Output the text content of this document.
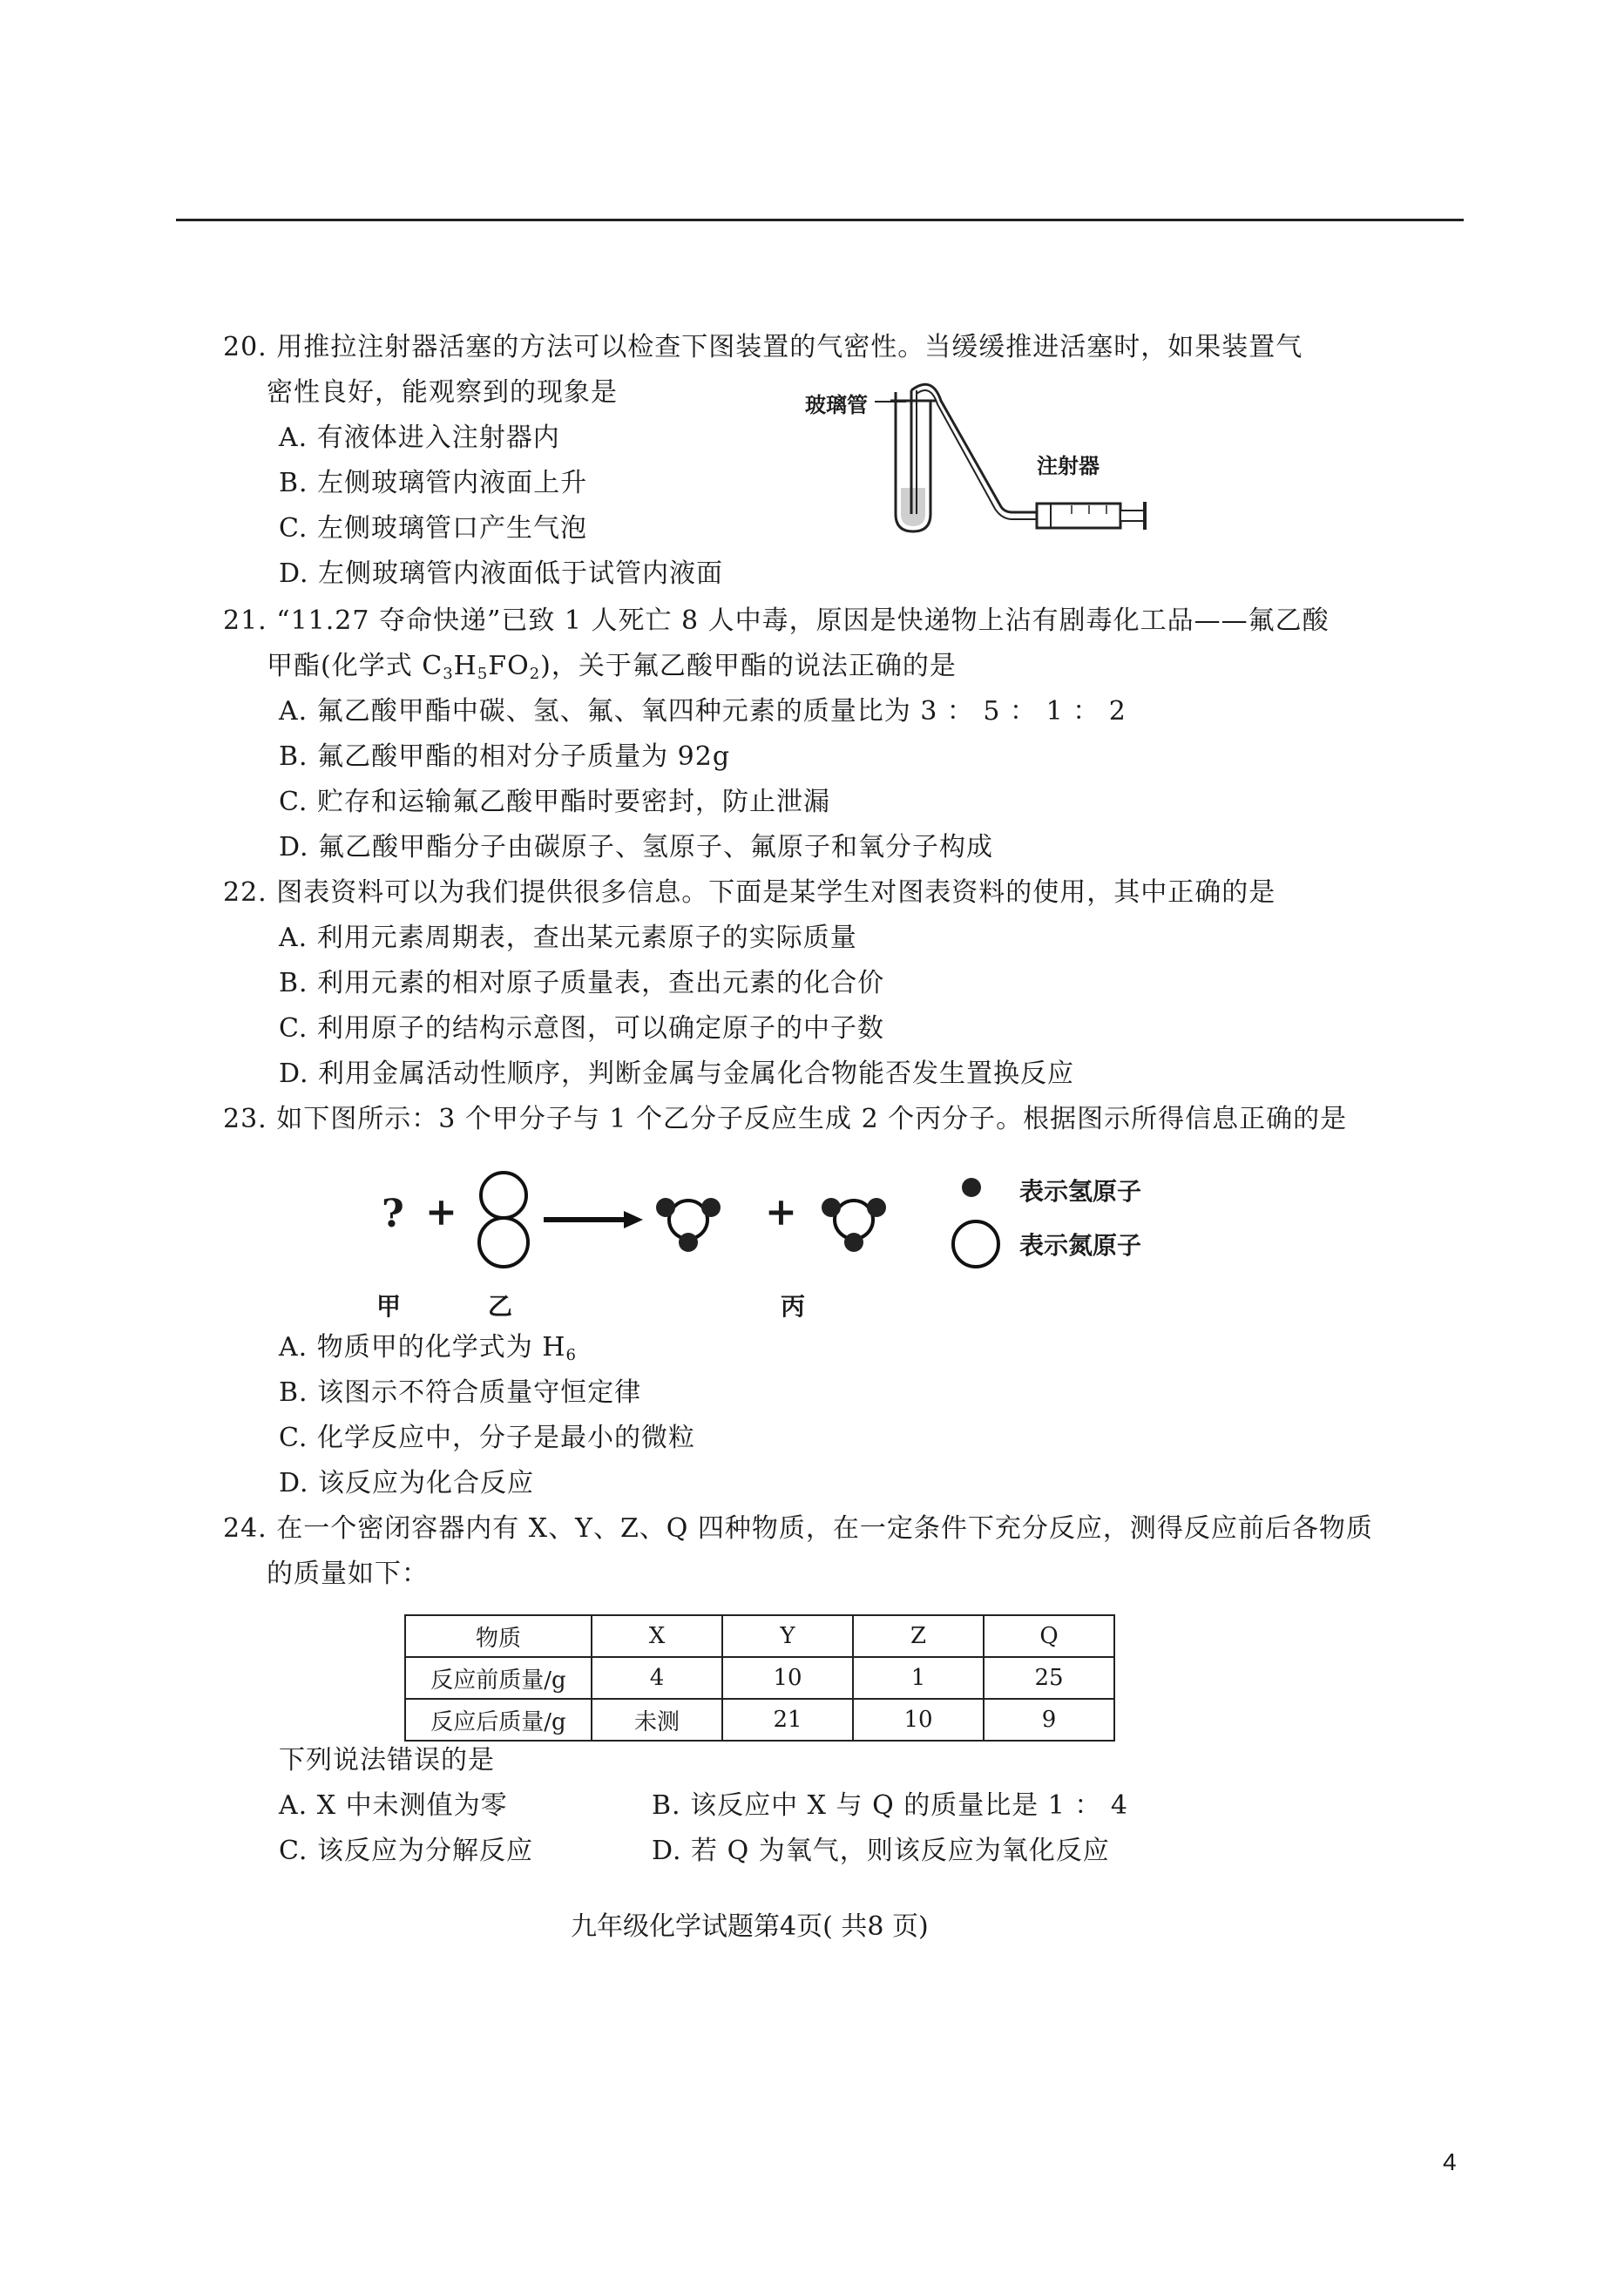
20. 用推拉注射器活塞的方法可以检查下图装置的气密性。当缓缓推进活塞时，如果装置气
密性良好，能观察到的现象是
A. 有液体进入注射器内
B. 左侧玻璃管内液面上升
C. 左侧玻璃管口产生气泡
D. 左侧玻璃管内液面低于试管内液面
玻璃管
注射器
21. “11.27 夺命快递”已致 1 人死亡 8 人中毒，原因是快递物上沾有剧毒化工品——氟乙酸
甲酯(化学式 $C_3H_5FO_2$)，关于氟乙酸甲酯的说法正确的是
A. 氟乙酸甲酯中碳、氢、氟、氧四种元素的质量比为 3 ： 5 ： 1 ： 2
B. 氟乙酸甲酯的相对分子质量为 92g
C. 贮存和运输氟乙酸甲酯时要密封，防止泄漏
D. 氟乙酸甲酯分子由碳原子、氢原子、氟原子和氧分子构成
22. 图表资料可以为我们提供很多信息。下面是某学生对图表资料的使用，其中正确的是
A. 利用元素周期表，查出某元素原子的实际质量
B. 利用元素的相对原子质量表，查出元素的化合价
C. 利用原子的结构示意图，可以确定原子的中子数
D. 利用金属活动性顺序，判断金属与金属化合物能否发生置换反应
23. 如下图所示：3 个甲分子与 1 个乙分子反应生成 2 个丙分子。根据图示所得信息正确的是
? +	+	表示氢原子
表示氮原子
甲	乙	丙
A. 物质甲的化学式为 $H_6$
B. 该图示不符合质量守恒定律
C. 化学反应中，分子是最小的微粒
D. 该反应为化合反应
24. 在一个密闭容器内有 X、Y、Z、Q 四种物质，在一定条件下充分反应，测得反应前后各物质
的质量如下：
物质	X	Y	Z	Q
反应前质量/g	4	10	1	25
反应后质量/g	未测	21	10	9
下列说法错误的是
A. X 中未测值为零	B. 该反应中 X 与 Q 的质量比是 1 ： 4
C. 该反应为分解反应	D. 若 Q 为氧气，则该反应为氧化反应
九年级化学试题第4页( 共8 页)
4
